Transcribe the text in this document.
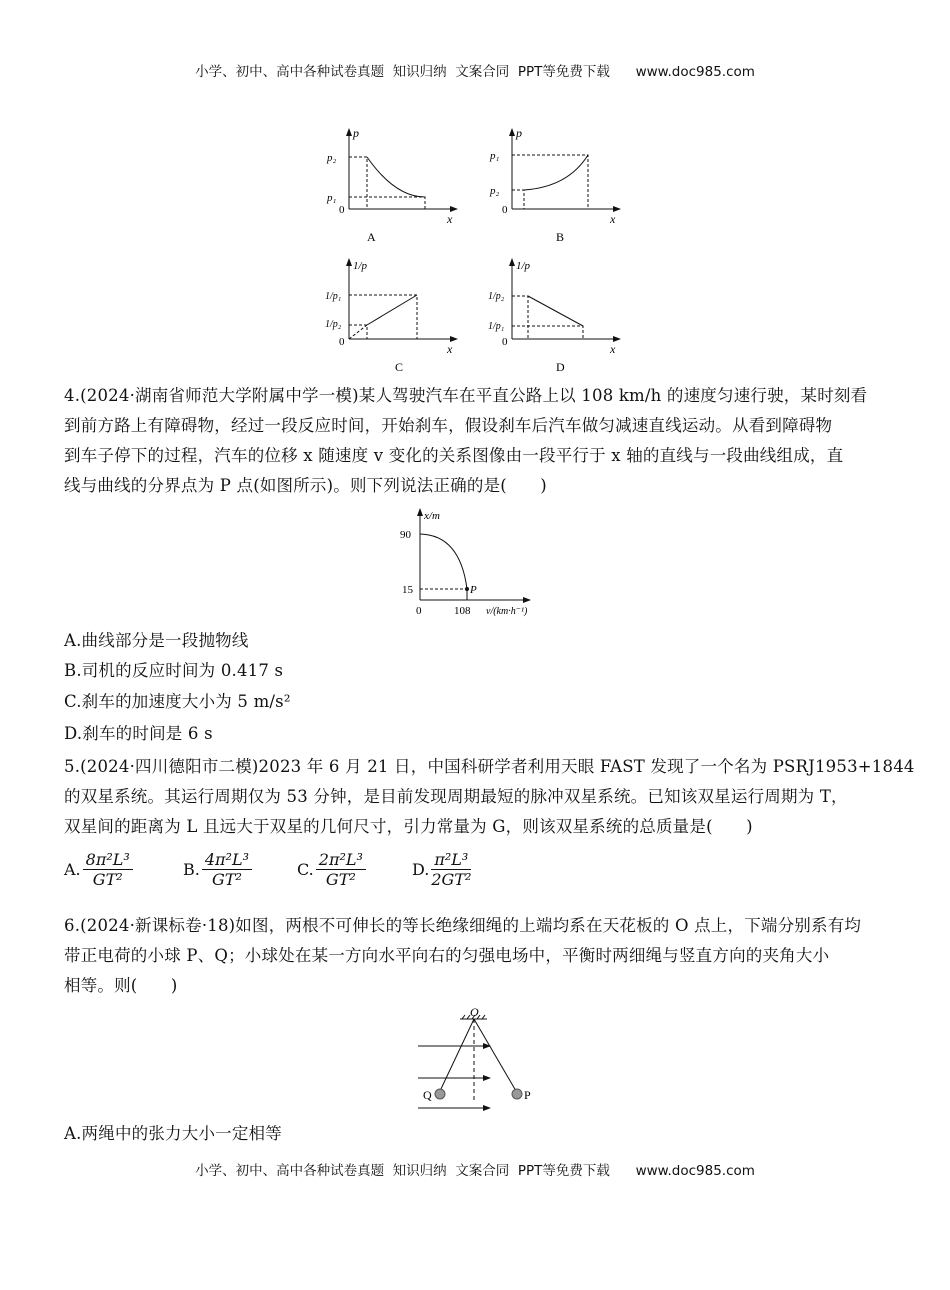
小学、初中、高中各种试卷真题  知识归纳  文案合同  PPT等免费下载      www.doc985.com
p
p₂
p₁
0
x
A
p
p₁
p₂
0
x
B
1/p
1/p₁
1/p₂
0	x
C
1/p
1/p₂
1/p₁
0	x
D
4.(2024·湖南省师范大学附属中学一模)某人驾驶汽车在平直公路上以 108 km/h 的速度匀速行驶，某时刻看
到前方路上有障碍物，经过一段反应时间，开始刹车，假设刹车后汽车做匀减速直线运动。从看到障碍物
到车子停下的过程，汽车的位移 x 随速度 v 变化的关系图像由一段平行于 x 轴的直线与一段曲线组成，直
线与曲线的分界点为 P 点(如图所示)。则下列说法正确的是(　　)
x/m
90
15	P
0	108 v/(km·h⁻¹)
A.曲线部分是一段抛物线
B.司机的反应时间为 0.417 s
C.刹车的加速度大小为 5 m/s²
D.刹车的时间是 6 s
5.(2024·四川德阳市二模)2023 年 6 月 21 日，中国科研学者利用天眼 FAST 发现了一个名为 PSRJ1953+1844
的双星系统。其运行周期仅为 53 分钟，是目前发现周期最短的脉冲双星系统。已知该双星运行周期为 T，
双星间的距离为 L 且远大于双星的几何尺寸，引力常量为 G，则该双星系统的总质量是(　　)
A. $\frac{\text{8π²L³}}{\text{GT²}}$	B. $\frac{\text{4π²L³}}{\text{GT²}}$	C. $\frac{\text{2π²L³}}{\text{GT²}}$	D. $\frac{\text{π²L³}}{\text{2GT²}}$
6.(2024·新课标卷·18)如图，两根不可伸长的等长绝缘细绳的上端均系在天花板的 O 点上，下端分别系有均
带正电荷的小球 P、Q；小球处在某一方向水平向右的匀强电场中，平衡时两细绳与竖直方向的夹角大小
相等。则(　　)
O
Q	P
A.两绳中的张力大小一定相等
小学、初中、高中各种试卷真题  知识归纳  文案合同  PPT等免费下载      www.doc985.com
